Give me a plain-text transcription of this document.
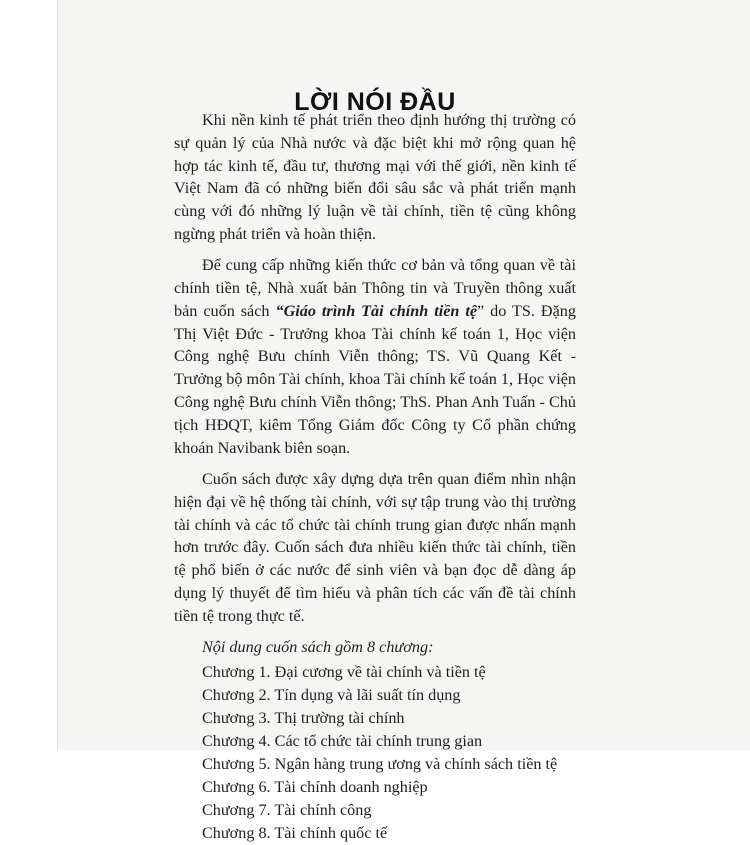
LỜI NÓI ĐẦU

Khi nền kinh tế phát triển theo định hướng thị trường có sự quản lý của Nhà nước và đặc biệt khi mở rộng quan hệ hợp tác kinh tế, đầu tư, thương mại với thế giới, nền kinh tế Việt Nam đã có những biến đổi sâu sắc và phát triển mạnh cùng với đó những lý luận về tài chính, tiền tệ cũng không ngừng phát triển và hoàn thiện.

Để cung cấp những kiến thức cơ bản và tổng quan về tài chính tiền tệ, Nhà xuất bản Thông tin và Truyền thông xuất bản cuốn sách “Giáo trình Tài chính tiền tệ” do TS. Đặng Thị Việt Đức - Trưởng khoa Tài chính kế toán 1, Học viện Công nghệ Bưu chính Viễn thông; TS. Vũ Quang Kết - Trưởng bộ môn Tài chính, khoa Tài chính kế toán 1, Học viện Công nghệ Bưu chính Viễn thông; ThS. Phan Anh Tuấn - Chủ tịch HĐQT, kiêm Tổng Giám đốc Công ty Cổ phần chứng khoán Navibank biên soạn.

Cuốn sách được xây dựng dựa trên quan điểm nhìn nhận hiện đại về hệ thống tài chính, với sự tập trung vào thị trường tài chính và các tổ chức tài chính trung gian được nhấn mạnh hơn trước đây. Cuốn sách đưa nhiều kiến thức tài chính, tiền tệ phổ biến ở các nước để sinh viên và bạn đọc dễ dàng áp dụng lý thuyết để tìm hiểu và phân tích các vấn đề tài chính tiền tệ trong thực tế.

Nội dung cuốn sách gồm 8 chương:

Chương 1. Đại cương về tài chính và tiền tệ
Chương 2. Tín dụng và lãi suất tín dụng
Chương 3. Thị trường tài chính
Chương 4. Các tổ chức tài chính trung gian
Chương 5. Ngân hàng trung ương và chính sách tiền tệ
Chương 6. Tài chính doanh nghiệp
Chương 7. Tài chính công
Chương 8. Tài chính quốc tế
